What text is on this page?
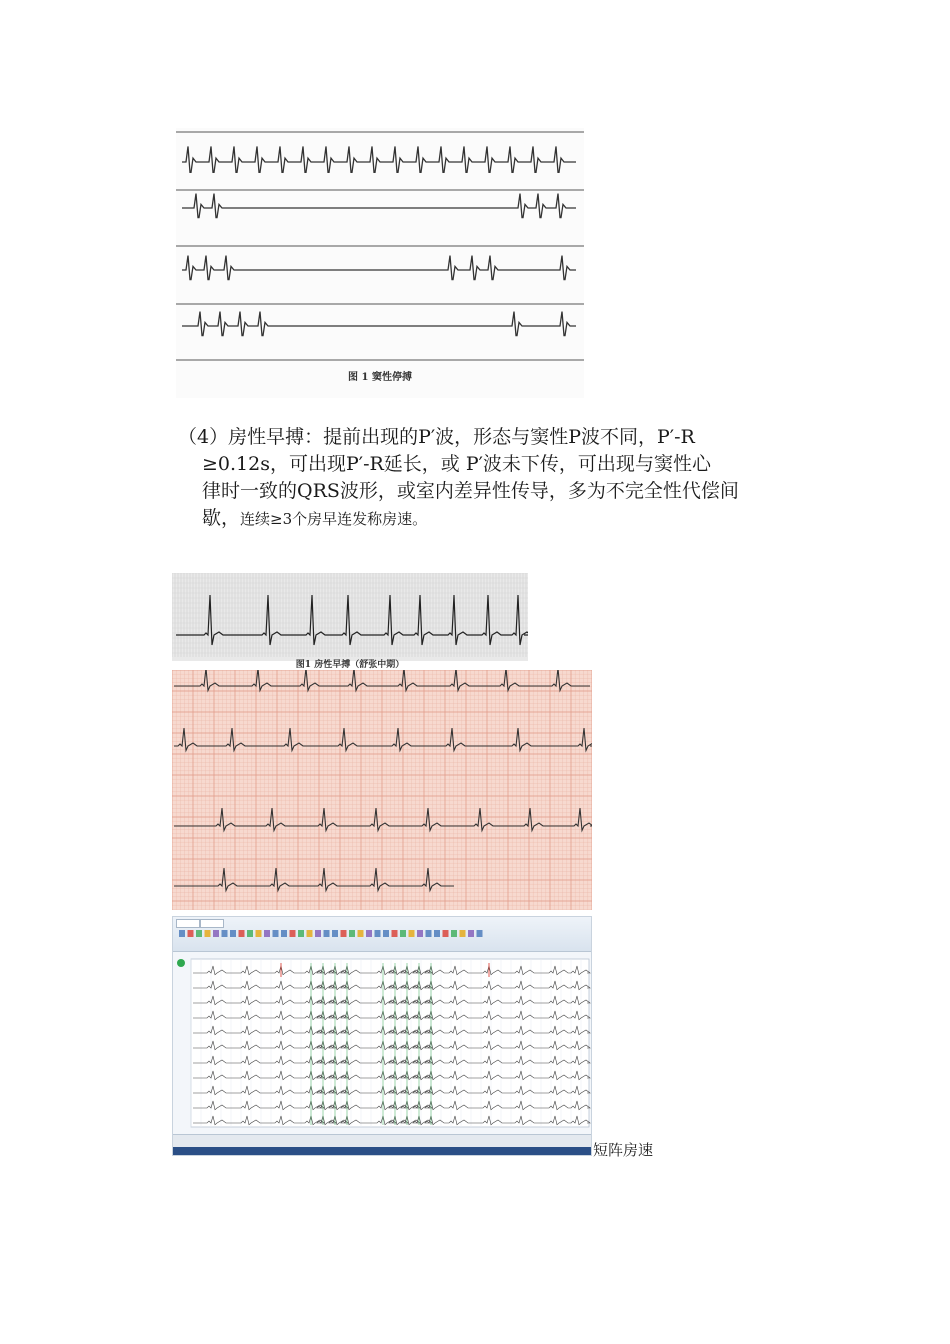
图 1 窦性停搏
（4）房性早搏：提前出现的P′波，形态与窦性P波不同，P′-R
≥0.12s，可出现P′-R延长，或 P′波未下传，可出现与窦性心
律时一致的QRS波形，或室内差异性传导，多为不完全性代偿间
歇，连续≥3个房早连发称房速。
图1 房性早搏（舒张中期）
短阵房速
